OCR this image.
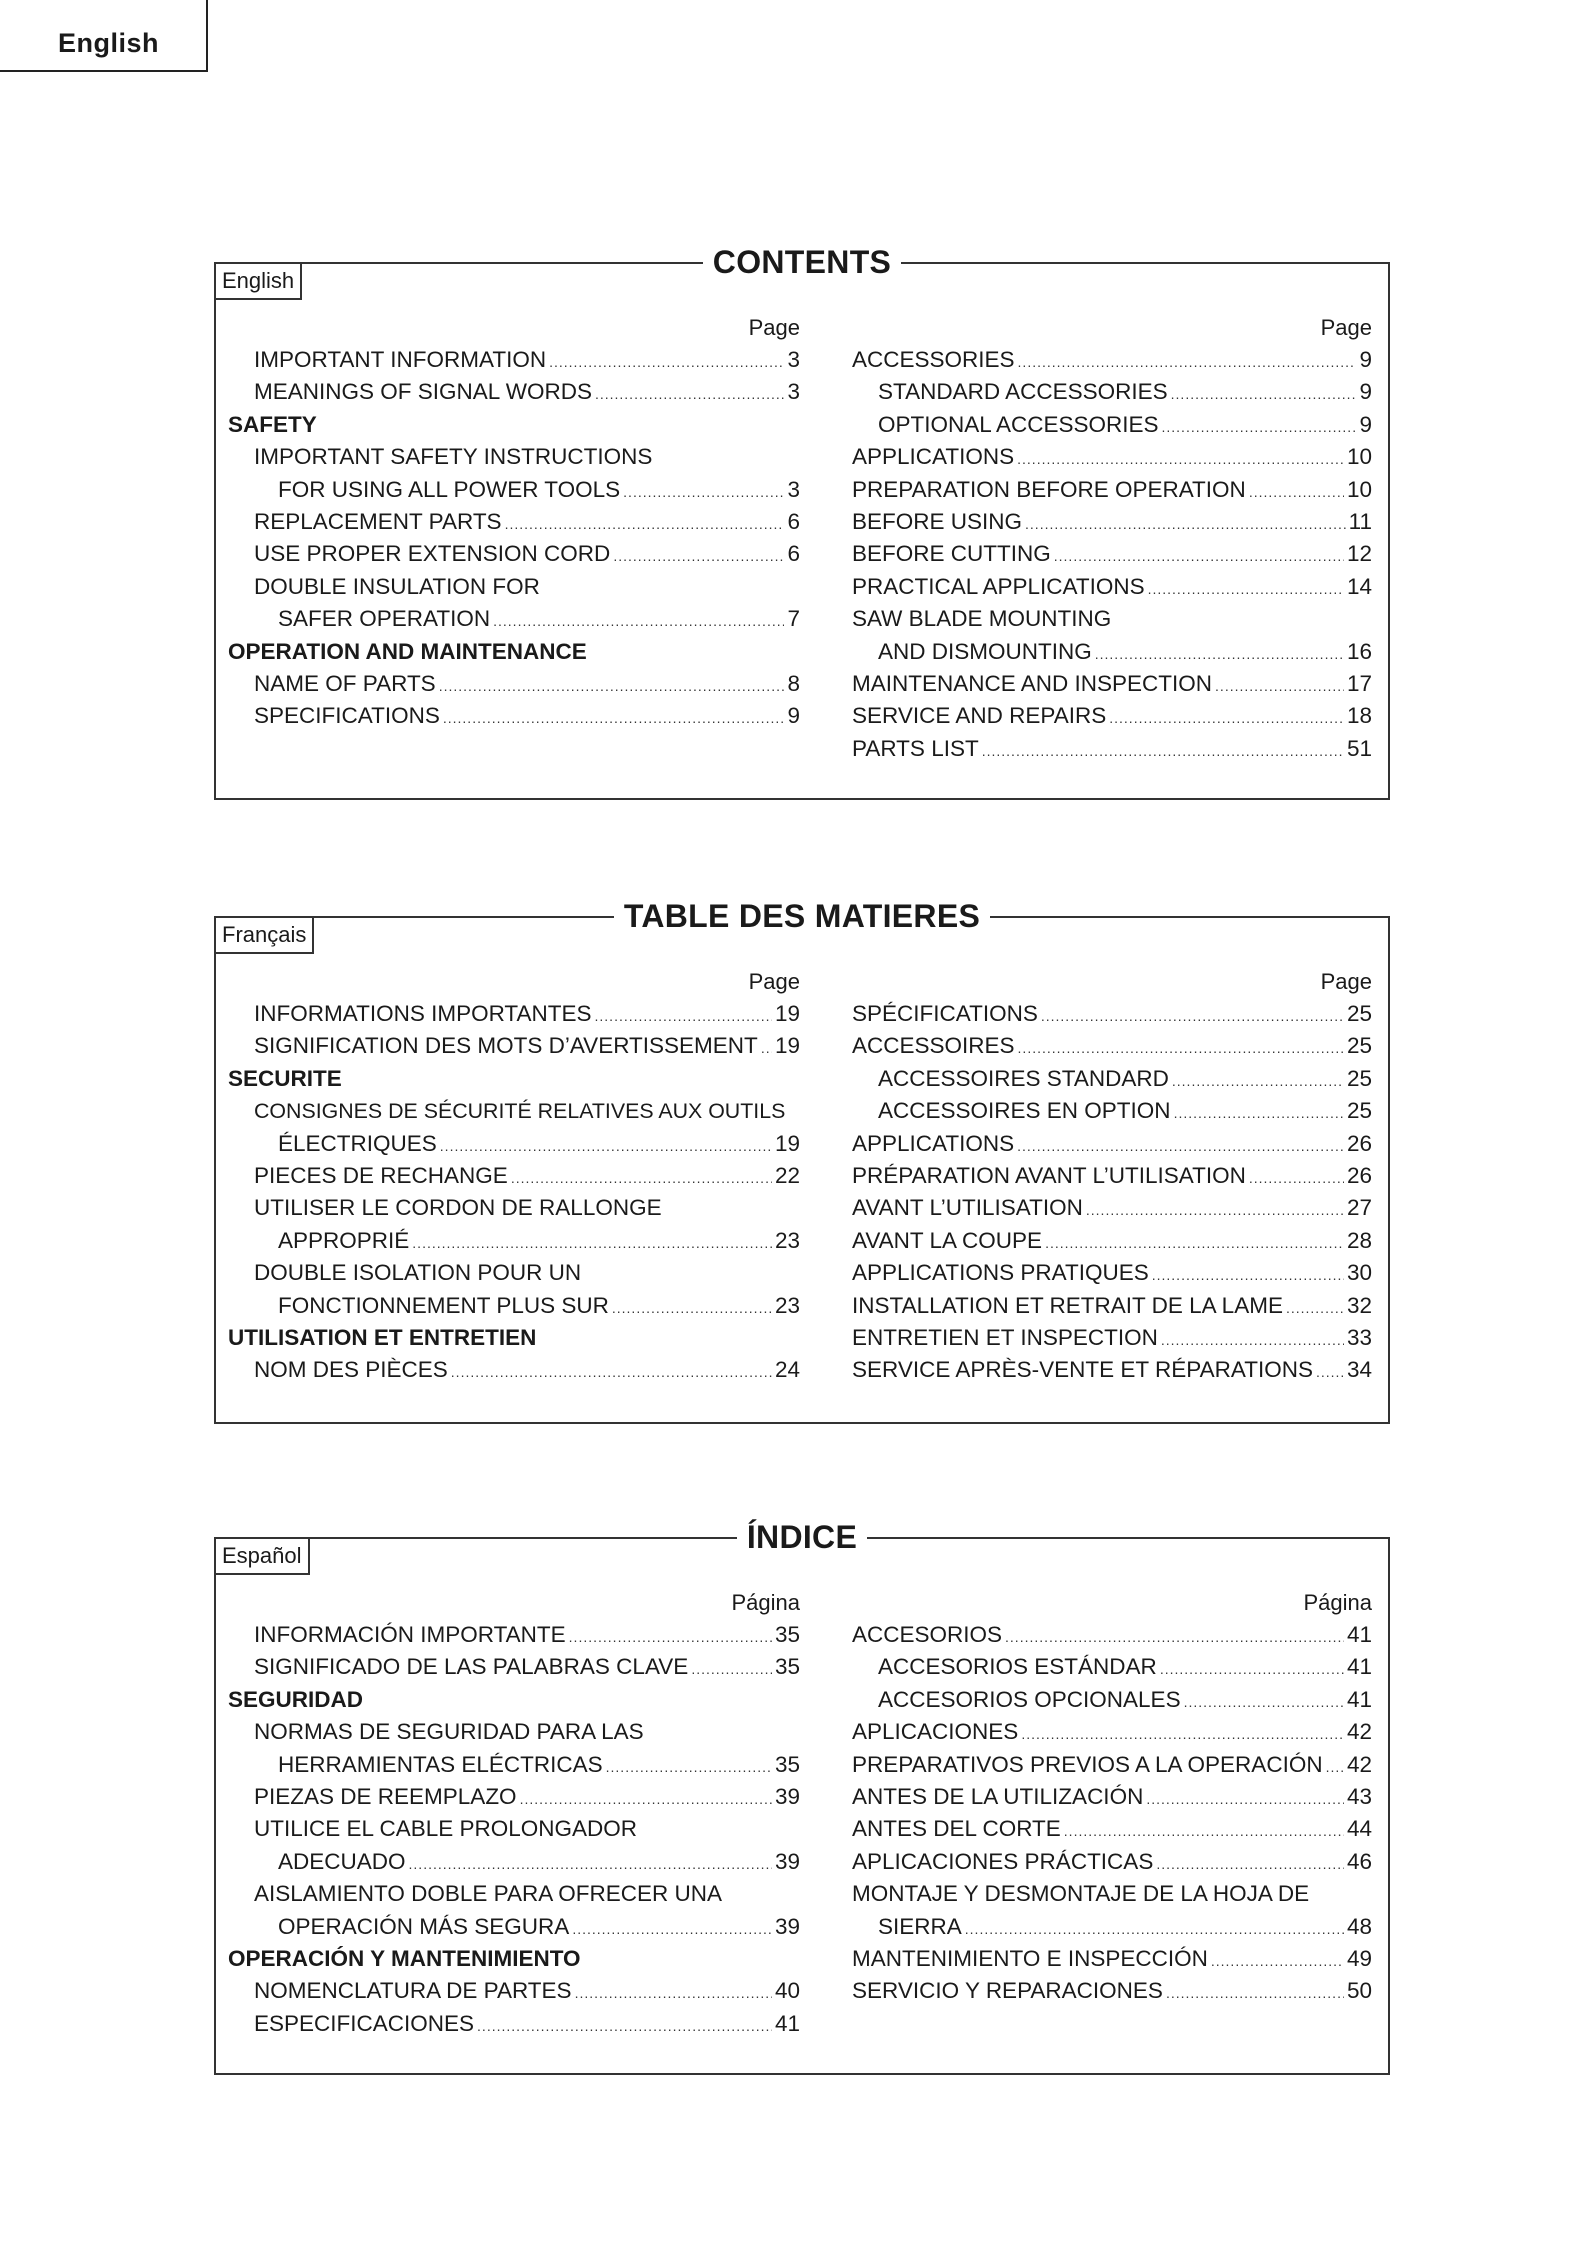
English
CONTENTS
English
Page
IMPORTANT INFORMATION .....	3
MEANINGS OF SIGNAL WORDS .....	3
SAFETY
IMPORTANT SAFETY INSTRUCTIONS
FOR USING ALL POWER TOOLS .....	3
REPLACEMENT PARTS .....	6
USE PROPER EXTENSION CORD .....	6
DOUBLE INSULATION FOR
SAFER OPERATION .....	7
OPERATION AND MAINTENANCE
NAME OF PARTS .....	8
SPECIFICATIONS .....	9
Page
ACCESSORIES .....	9
STANDARD ACCESSORIES .....	9
OPTIONAL ACCESSORIES .....	9
APPLICATIONS .....	10
PREPARATION BEFORE OPERATION .....	10
BEFORE USING .....	11
BEFORE CUTTING .....	12
PRACTICAL APPLICATIONS .....	14
SAW BLADE MOUNTING
AND DISMOUNTING .....	16
MAINTENANCE AND INSPECTION .....	17
SERVICE AND REPAIRS .....	18
PARTS LIST .....	51
TABLE DES MATIERES
Français
Page
INFORMATIONS IMPORTANTES .....	19
SIGNIFICATION DES MOTS D’AVERTISSEMENT ..... 19
SECURITE
CONSIGNES DE SÉCURITÉ RELATIVES AUX OUTILS
ÉLECTRIQUES .....	19
PIECES DE RECHANGE .....	22
UTILISER LE CORDON DE RALLONGE
APPROPRIÉ .....	23
DOUBLE ISOLATION POUR UN
FONCTIONNEMENT PLUS SUR .....	23
UTILISATION ET ENTRETIEN
NOM DES PIÈCES .....	24
Page
SPÉCIFICATIONS .....	25
ACCESSOIRES .....	25
ACCESSOIRES STANDARD .....	25
ACCESSOIRES EN OPTION .....	25
APPLICATIONS .....	26
PRÉPARATION AVANT L’UTILISATION .....	26
AVANT L’UTILISATION .....	27
AVANT LA COUPE .....	28
APPLICATIONS PRATIQUES .....	30
INSTALLATION ET RETRAIT DE LA LAME .....	32
ENTRETIEN ET INSPECTION .....	33
SERVICE APRÈS-VENTE ET RÉPARATIONS ..... 34
ÍNDICE
Español
Página
INFORMACIÓN IMPORTANTE .....	35
SIGNIFICADO DE LAS PALABRAS CLAVE .....	35
SEGURIDAD
NORMAS DE SEGURIDAD PARA LAS
HERRAMIENTAS ELÉCTRICAS .....	35
PIEZAS DE REEMPLAZO .....	39
UTILICE EL CABLE PROLONGADOR
ADECUADO .....	39
AISLAMIENTO DOBLE PARA OFRECER UNA
OPERACIÓN MÁS SEGURA .....	39
OPERACIÓN Y MANTENIMIENTO
NOMENCLATURA DE PARTES .....	40
ESPECIFICACIONES .....	41
Página
ACCESORIOS .....	41
ACCESORIOS ESTÁNDAR .....	41
ACCESORIOS OPCIONALES .....	41
APLICACIONES .....	42
PREPARATIVOS PREVIOS A LA OPERACIÓN ..... 42
ANTES DE LA UTILIZACIÓN .....	43
ANTES DEL CORTE .....	44
APLICACIONES PRÁCTICAS .....	46
MONTAJE Y DESMONTAJE DE LA HOJA DE
SIERRA .....	48
MANTENIMIENTO E INSPECCIÓN .....	49
SERVICIO Y REPARACIONES .....	50
